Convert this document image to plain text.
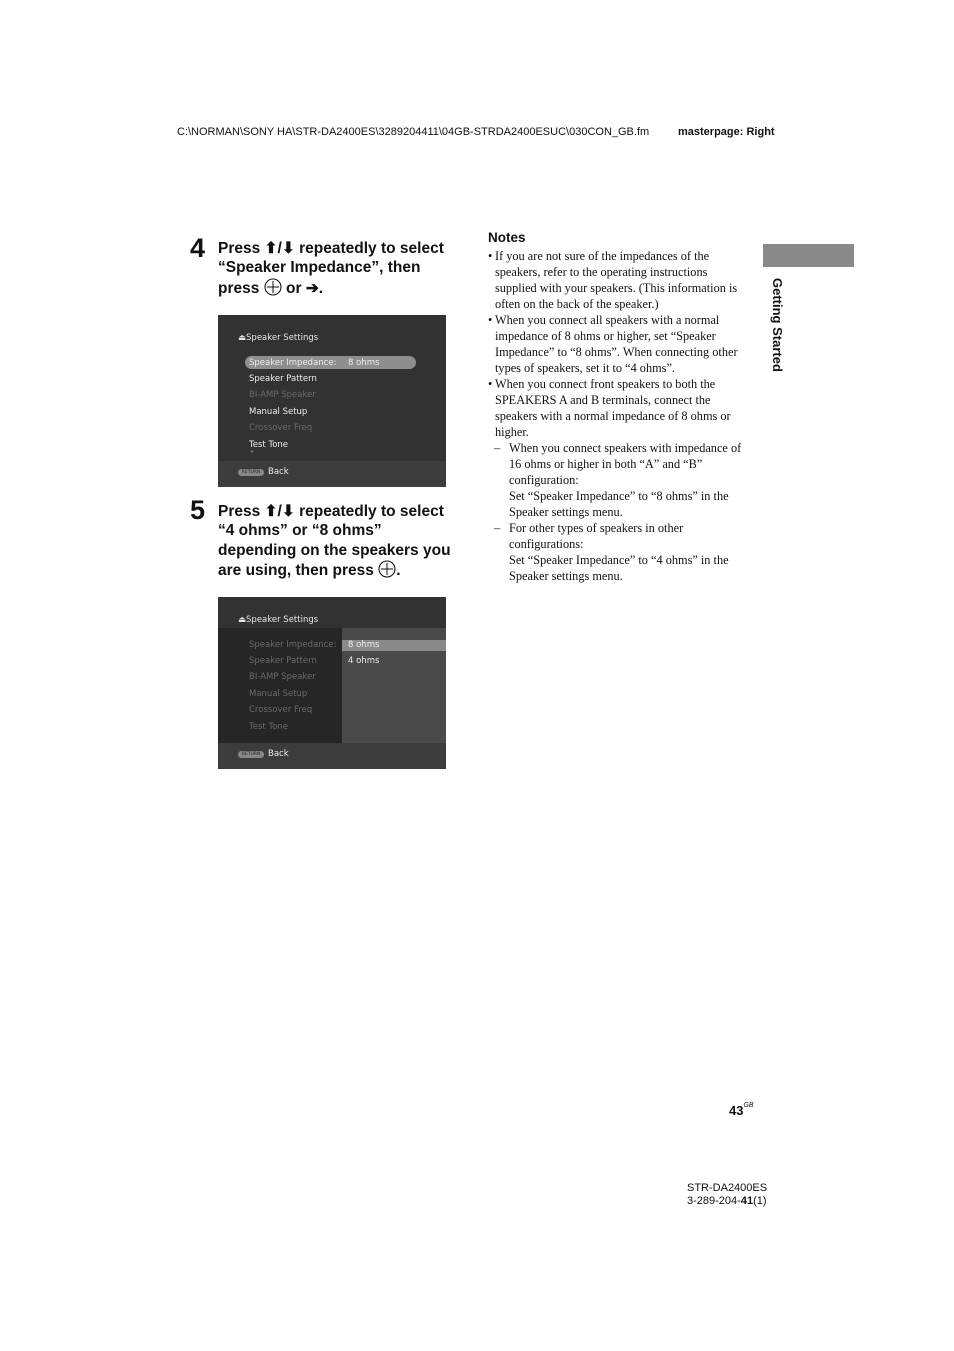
C:\NORMAN\SONY HA\STR-DA2400ES\3289204411\04GB-STRDA2400ESUC\030CON_GB.fm	masterpage: Right
4 Press ⬆/⬇ repeatedly to select
“Speaker Impedance”, then
press or ➔.
⏏Speaker Settings
Speaker Impedance: 8 ohms
Speaker Pattern
BI-AMP Speaker
Manual Setup
Crossover Freq
Test Tone
˅
RETURN Back
5 Press ⬆/⬇ repeatedly to select
“4 ohms” or “8 ohms”
depending on the speakers you
are using, then press .
⏏Speaker Settings
Speaker Impedance:
Speaker Pattern
BI-AMP Speaker
Manual Setup
Crossover Freq
Test Tone
8 ohms
4 ohms
RETURN Back
Notes
• If you are not sure of the impedances of the
speakers, refer to the operating instructions
supplied with your speakers. (This information is
often on the back of the speaker.)
• When you connect all speakers with a normal
impedance of 8 ohms or higher, set “Speaker
Impedance” to “8 ohms”. When connecting other
types of speakers, set it to “4 ohms”.
• When you connect front speakers to both the
SPEAKERS A and B terminals, connect the
speakers with a normal impedance of 8 ohms or
higher.
– When you connect speakers with impedance of
16 ohms or higher in both “A” and “B”
configuration:
Set “Speaker Impedance” to “8 ohms” in the
Speaker settings menu.
– For other types of speakers in other
configurations:
Set “Speaker Impedance” to “4 ohms” in the
Speaker settings menu.
Getting Started
$43^{GB}$
STR-DA2400ES
3-289-204-41(1)
